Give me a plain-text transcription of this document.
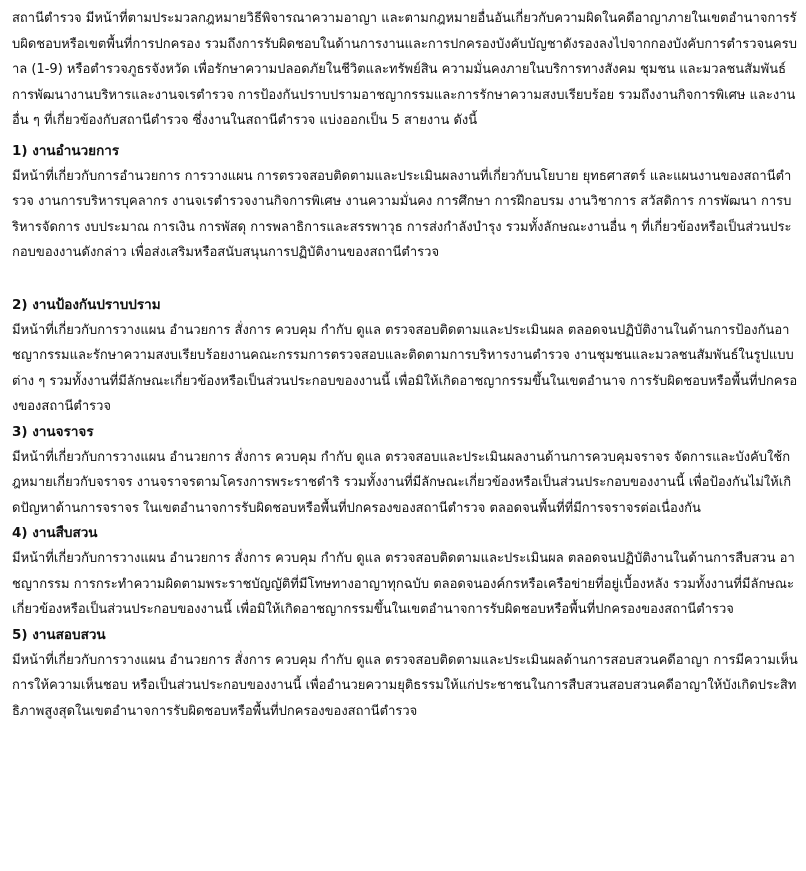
สถานีตำรวจ มีหน้าที่ตามประมวลกฎหมายวิธีพิจารณาความอาญา และตามกฎหมายอื่นอันเกี่ยวกับความผิดในคดีอาญาภายในเขตอำนาจการรับผิดชอบหรือเขตพื้นที่การปกครอง รวมถึงการรับผิดชอบในด้านการงานและการปกครองบังคับบัญชาดังรองลงไปจากกองบังคับการตำรวจนครบาล (1-9) หรือตำรวจภูธรจังหวัด เพื่อรักษาความปลอดภัยในชีวิตและทรัพย์สิน ความมั่นคงภายในบริการทางสังคม ชุมชน และมวลชนสัมพันธ์ การพัฒนางานบริหารและงานจเรตำรวจ การป้องกันปราบปรามอาชญากรรมและการรักษาความสงบเรียบร้อย รวมถึงงานกิจการพิเศษ และงานอื่น ๆ ที่เกี่ยวข้องกับสถานีตำรวจ ซึ่งงานในสถานีตำรวจ แบ่งออกเป็น 5 สายงาน ดังนี้

1) งานอำนวยการ

มีหน้าที่เกี่ยวกับการอำนวยการ การวางแผน การตรวจสอบติดตามและประเมินผลงานที่เกี่ยวกับนโยบาย ยุทธศาสตร์ และแผนงานของสถานีตำรวจ งานการบริหารบุคลากร งานจเรตำรวจงานกิจการพิเศษ งานความมั่นคง การศึกษา การฝึกอบรม งานวิชาการ สวัสดิการ การพัฒนา การบริหารจัดการ งบประมาณ การเงิน การพัสดุ การพลาธิการและสรรพาวุธ การส่งกำลังบำรุง รวมทั้งลักษณะงานอื่น ๆ ที่เกี่ยวข้องหรือเป็นส่วนประกอบของงานดังกล่าว เพื่อส่งเสริมหรือสนับสนุนการปฏิบัติงานของสถานีตำรวจ

2) งานป้องกันปราบปราม

มีหน้าที่เกี่ยวกับการวางแผน อำนวยการ สั่งการ ควบคุม กำกับ ดูแล ตรวจสอบติดตามและประเมินผล ตลอดจนปฏิบัติงานในด้านการป้องกันอาชญากรรมและรักษาความสงบเรียบร้อยงานคณะกรรมการตรวจสอบและติดตามการบริหารงานตำรวจ งานชุมชนและมวลชนสัมพันธ์ในรูปแบบต่าง ๆ รวมทั้งงานที่มีลักษณะเกี่ยวข้องหรือเป็นส่วนประกอบของงานนี้ เพื่อมิให้เกิดอาชญากรรมขึ้นในเขตอำนาจ การรับผิดชอบหรือพื้นที่ปกครองของสถานีตำรวจ

3) งานจราจร

มีหน้าที่เกี่ยวกับการวางแผน อำนวยการ สั่งการ ควบคุม กำกับ ดูแล ตรวจสอบและประเมินผลงานด้านการควบคุมจราจร จัดการและบังคับใช้กฎหมายเกี่ยวกับจราจร งานจราจรตามโครงการพระราชดำริ รวมทั้งงานที่มีลักษณะเกี่ยวข้องหรือเป็นส่วนประกอบของงานนี้ เพื่อป้องกันไม่ให้เกิดปัญหาด้านการจราจร ในเขตอำนาจการรับผิดชอบหรือพื้นที่ปกครองของสถานีตำรวจ ตลอดจนพื้นที่ที่มีการจราจรต่อเนื่องกัน

4) งานสืบสวน

มีหน้าที่เกี่ยวกับการวางแผน อำนวยการ สั่งการ ควบคุม กำกับ ดูแล ตรวจสอบติดตามและประเมินผล ตลอดจนปฏิบัติงานในด้านการสืบสวน อาชญากรรม การกระทำความผิดตามพระราชบัญญัติที่มีโทษทางอาญาทุกฉบับ ตลอดจนองค์กรหรือเครือข่ายที่อยู่เบื้องหลัง รวมทั้งงานที่มีลักษณะเกี่ยวข้องหรือเป็นส่วนประกอบของงานนี้ เพื่อมิให้เกิดอาชญากรรมขึ้นในเขตอำนาจการรับผิดชอบหรือพื้นที่ปกครองของสถานีตำรวจ

5) งานสอบสวน

มีหน้าที่เกี่ยวกับการวางแผน อำนวยการ สั่งการ ควบคุม กำกับ ดูแล ตรวจสอบติดตามและประเมินผลด้านการสอบสวนคดีอาญา การมีความเห็น การให้ความเห็นชอบ หรือเป็นส่วนประกอบของงานนี้ เพื่ออำนวยความยุติธรรมให้แก่ประชาชนในการสืบสวนสอบสวนคดีอาญาให้บังเกิดประสิทธิภาพสูงสุดในเขตอำนาจการรับผิดชอบหรือพื้นที่ปกครองของสถานีตำรวจ
